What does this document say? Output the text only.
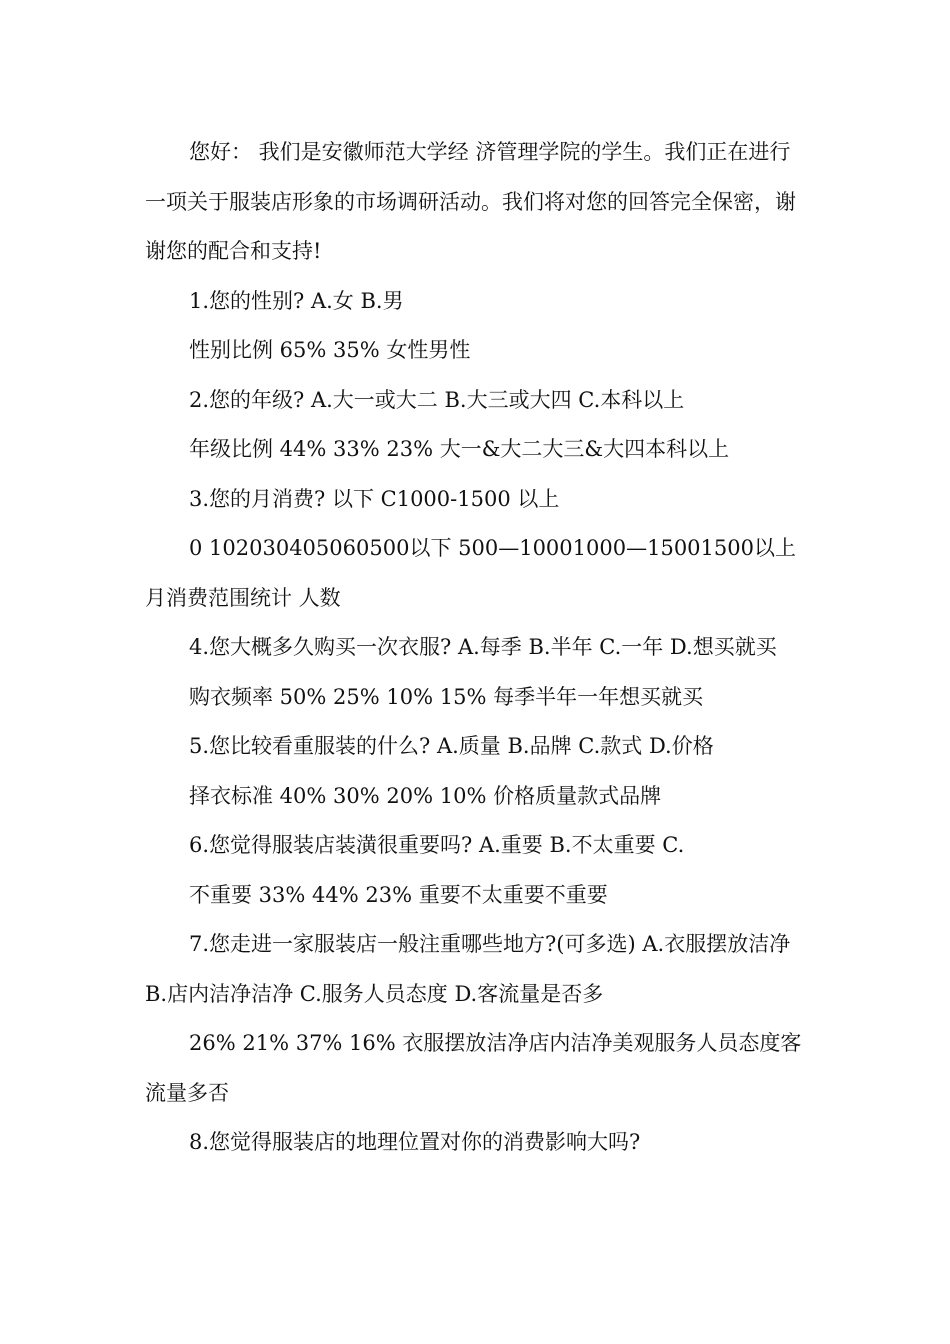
您好： 我们是安徽师范大学经 济管理学院的学生。我们正在进行一项关于服装店形象的市场调研活动。我们将对您的回答完全保密，谢谢您的配合和支持!

1.您的性别? A.女 B.男

性别比例 65% 35% 女性男性

2.您的年级? A.大一或大二 B.大三或大四 C.本科以上

年级比例 44% 33% 23% 大一&大二大三&大四本科以上

3.您的月消费? 以下 C1000-1500 以上

0 102030405060500以下 500—10001000—15001500以上 月消费范围统计 人数

4.您大概多久购买一次衣服? A.每季 B.半年 C.一年 D.想买就买

购衣频率 50% 25% 10% 15% 每季半年一年想买就买

5.您比较看重服装的什么? A.质量 B.品牌 C.款式 D.价格

择衣标准 40% 30% 20% 10% 价格质量款式品牌

6.您觉得服装店装潢很重要吗? A.重要 B.不太重要 C.

不重要 33% 44% 23% 重要不太重要不重要

7.您走进一家服装店一般注重哪些地方?(可多选) A.衣服摆放洁净 B.店内洁净洁净 C.服务人员态度 D.客流量是否多

26% 21% 37% 16% 衣服摆放洁净店内洁净美观服务人员态度客流量多否

8.您觉得服装店的地理位置对你的消费影响大吗?
